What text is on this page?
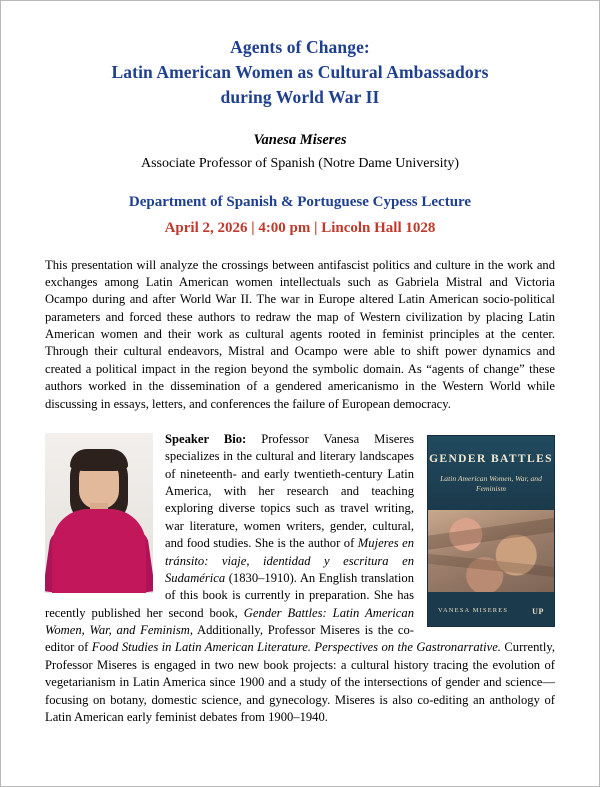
Agents of Change:
Latin American Women as Cultural Ambassadors
during World War II
Vanesa Miseres
Associate Professor of Spanish (Notre Dame University)
Department of Spanish & Portuguese Cypess Lecture
April 2, 2026 | 4:00 pm | Lincoln Hall 1028
This presentation will analyze the crossings between antifascist politics and culture in the work and exchanges among Latin American women intellectuals such as Gabriela Mistral and Victoria Ocampo during and after World War II. The war in Europe altered Latin American socio-political parameters and forced these authors to redraw the map of Western civilization by placing Latin American women and their work as cultural agents rooted in feminist principles at the center. Through their cultural endeavors, Mistral and Ocampo were able to shift power dynamics and created a political impact in the region beyond the symbolic domain. As “agents of change” these authors worked in the dissemination of a gendered americanismo in the Western World while discussing in essays, letters, and conferences the failure of European democracy.
GENDER BATTLES
Latin American Women, War, and Feminism
VANESA MISERES	UP
Speaker Bio: Professor Vanesa Miseres specializes in the cultural and literary landscapes of nineteenth- and early twentieth-century Latin America, with her research and teaching exploring diverse topics such as travel writing, war literature, women writers, gender, cultural, and food studies. She is the author of Mujeres en tránsito: viaje, identidad y escritura en Sudamérica (1830–1910). An English translation of this book is currently in preparation. She has recently published her second book, Gender Battles: Latin American Women, War, and Feminism, Additionally, Professor Miseres is the co-editor of Food Studies in Latin American Literature. Perspectives on the Gastronarrative. Currently, Professor Miseres is engaged in two new book projects: a cultural history tracing the evolution of vegetarianism in Latin America since 1900 and a study of the intersections of gender and science—focusing on botany, domestic science, and gynecology. Miseres is also co-editing an anthology of Latin American early feminist debates from 1900–1940.
